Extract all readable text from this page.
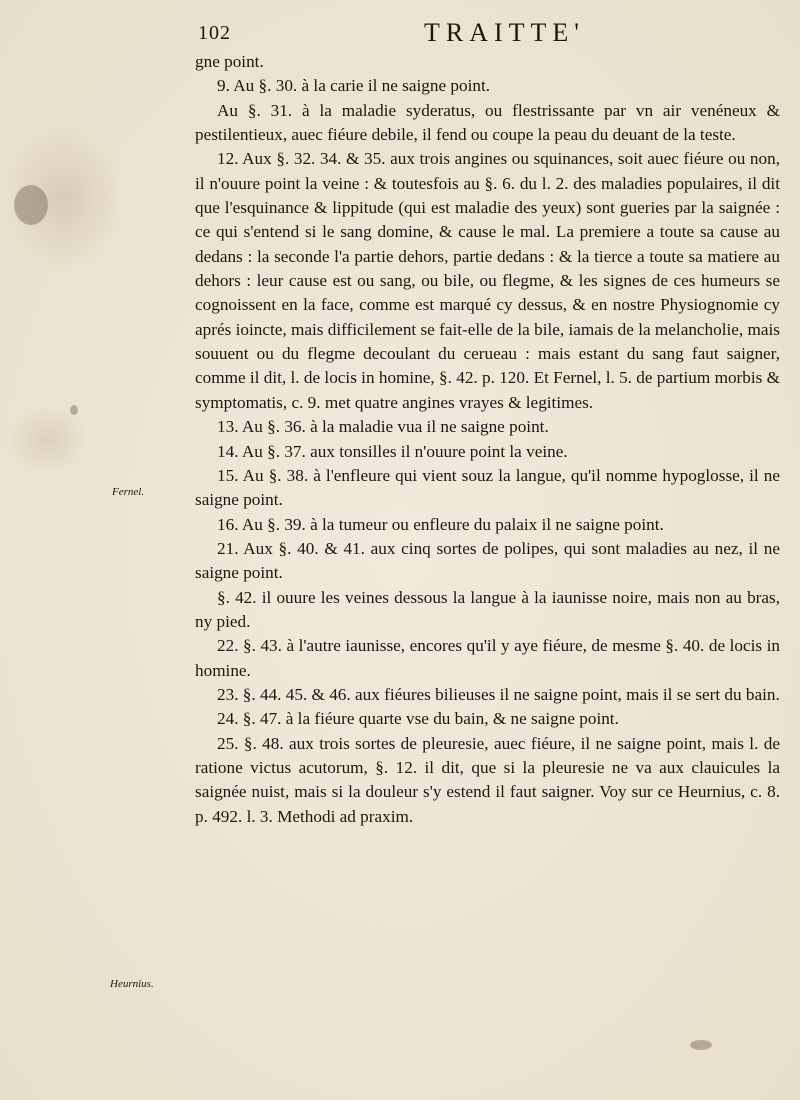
102	TRAITTE'
Fernel.
Heurnius.

gne point.

9. Au §. 30. à la carie il ne saigne point.

Au §. 31. à la maladie syderatus, ou flestrissante par vn air venéneux & pestilentieux, auec fiéure debile, il fend ou coupe la peau du deuant de la teste.

12. Aux §. 32. 34. & 35. aux trois angines ou squinances, soit auec fiéure ou non, il n'ouure point la veine : & toutesfois au §. 6. du l. 2. des maladies populaires, il dit que l'esquinance & lippitude (qui est maladie des yeux) sont gueries par la saignée : ce qui s'entend si le sang domine, & cause le mal. La premiere a toute sa cause au dedans : la seconde l'a partie dehors, partie dedans : & la tierce a toute sa matiere au dehors : leur cause est ou sang, ou bile, ou flegme, & les signes de ces humeurs se cognoissent en la face, comme est marqué cy dessus, & en nostre Physiognomie cy aprés ioincte, mais difficilement se fait-elle de la bile, iamais de la melancholie, mais souuent ou du flegme decoulant du cerueau : mais estant du sang faut saigner, comme il dit, l. de locis in homine, §. 42. p. 120. Et Fernel, l. 5. de partium morbis & symptomatis, c. 9. met quatre angines vrayes & legitimes.

13. Au §. 36. à la maladie vua il ne saigne point.

14. Au §. 37. aux tonsilles il n'ouure point la veine.

15. Au §. 38. à l'enfleure qui vient souz la langue, qu'il nomme hypoglosse, il ne saigne point.

16. Au §. 39. à la tumeur ou enfleure du palaix il ne saigne point.

21. Aux §. 40. & 41. aux cinq sortes de polipes, qui sont maladies au nez, il ne saigne point.

§. 42. il ouure les veines dessous la langue à la iaunisse noire, mais non au bras, ny pied.

22. §. 43. à l'autre iaunisse, encores qu'il y aye fiéure, de mesme §. 40. de locis in homine.

23. §. 44. 45. & 46. aux fiéures bilieuses il ne saigne point, mais il se sert du bain.

24. §. 47. à la fiéure quarte vse du bain, & ne saigne point.

25. §. 48. aux trois sortes de pleuresie, auec fiéure, il ne saigne point, mais l. de ratione victus acutorum, §. 12. il dit, que si la pleuresie ne va aux clauicules la saignée nuist, mais si la douleur s'y estend il faut saigner. Voy sur ce Heurnius, c. 8. p. 492. l. 3. Methodi ad praxim.
